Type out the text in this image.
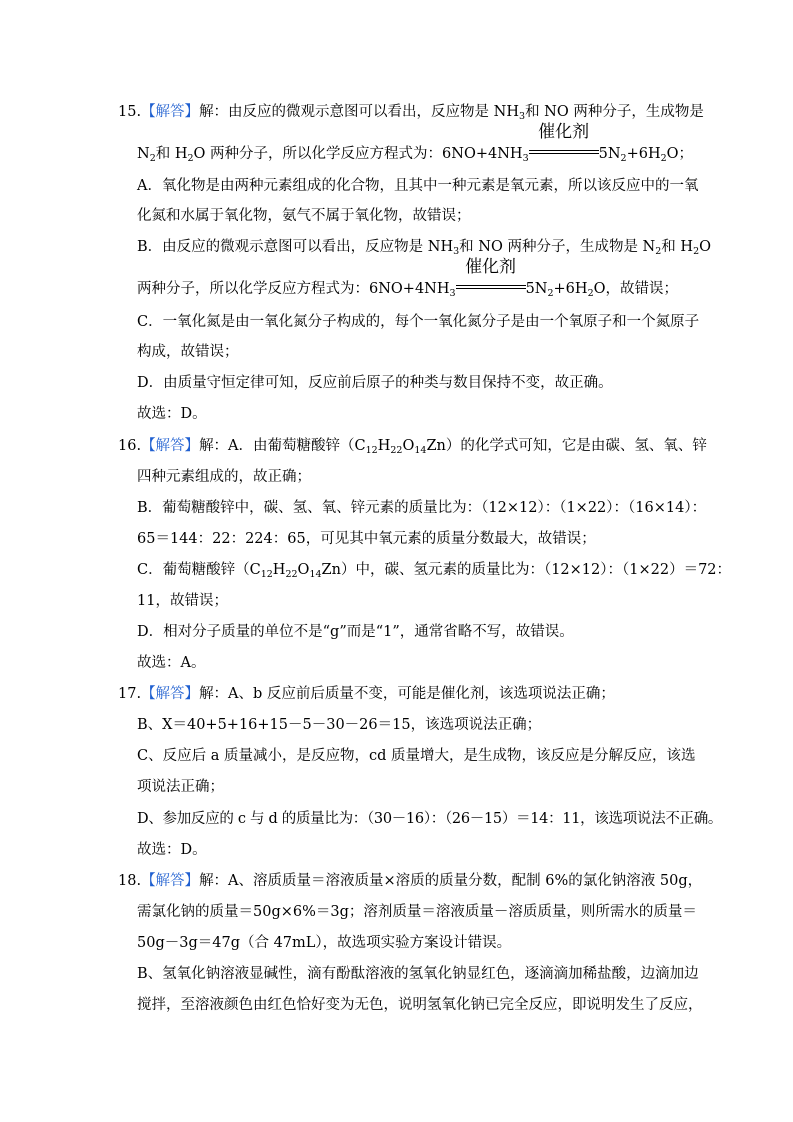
15.【解答】解：由反应的微观示意图可以看出，反应物是 $NH_3$和 NO 两种分子，生成物是
$N_2$和 $H_2O$ 两种分子，所以化学反应方程式为：$6NO+4NH_3$
催化剂
$5N_2+6H_2O$；
A．氧化物是由两种元素组成的化合物，且其中一种元素是氧元素，所以该反应中的一氧
化氮和水属于氧化物，氨气不属于氧化物，故错误；
B．由反应的微观示意图可以看出，反应物是 $NH_3$和 NO 两种分子，生成物是 $N_2$和 $H_2O$
两种分子，所以化学反应方程式为：$6NO+4NH_3$
催化剂
$5N_2+6H_2O$，故错误；
C．一氧化氮是由一氧化氮分子构成的，每个一氧化氮分子是由一个氧原子和一个氮原子
构成，故错误；
D．由质量守恒定律可知，反应前后原子的种类与数目保持不变，故正确。
故选：D。
16.【解答】解：A．由葡萄糖酸锌$(C_{12}H_{22}O_{14}Zn)$的化学式可知，它是由碳、氢、氧、锌
四种元素组成的，故正确；
B．葡萄糖酸锌中，碳、氢、氧、锌元素的质量比为：（12×12）：（1×22）：（16×14）：
65＝144：22：224：65，可见其中氧元素的质量分数最大，故错误；
C．葡萄糖酸锌$(C_{12}H_{22}O_{14}Zn)$中，碳、氢元素的质量比为：（12×12）：（1×22）＝72：
11，故错误；
D．相对分子质量的单位不是“g”而是“1”，通常省略不写，故错误。
故选：A。
17.【解答】解：A、b 反应前后质量不变，可能是催化剂，该选项说法正确；
B、X＝40+5+16+15－5－30－26＝15，该选项说法正确；
C、反应后 a 质量减小，是反应物，cd 质量增大，是生成物，该反应是分解反应，该选
项说法正确；
D、参加反应的 c 与 d 的质量比为：（30－16）：（26－15）＝14：11，该选项说法不正确。
故选：D。
18.【解答】解：A、溶质质量＝溶液质量×溶质的质量分数，配制 6%的氯化钠溶液 50g，
需氯化钠的质量＝50g×6%＝3g；溶剂质量＝溶液质量－溶质质量，则所需水的质量＝
50g－3g＝47g（合 47mL），故选项实验方案设计错误。
B、氢氧化钠溶液显碱性，滴有酚酞溶液的氢氧化钠显红色，逐滴滴加稀盐酸，边滴加边
搅拌，至溶液颜色由红色恰好变为无色，说明氢氧化钠已完全反应，即说明发生了反应，
